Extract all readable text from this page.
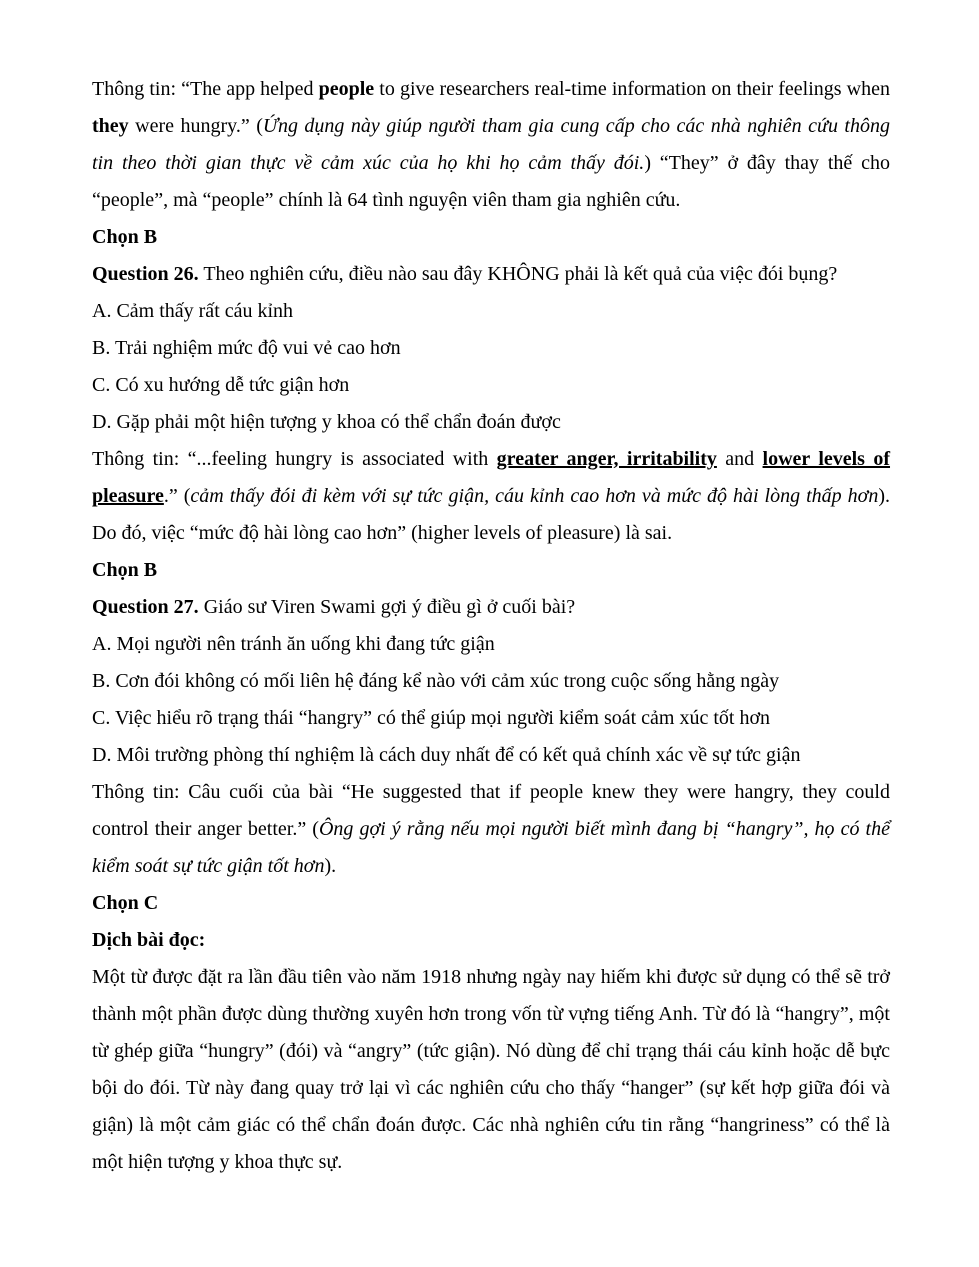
Thông tin: “The app helped people to give researchers real-time information on their feelings when they were hungry.” (Ứng dụng này giúp người tham gia cung cấp cho các nhà nghiên cứu thông tin theo thời gian thực về cảm xúc của họ khi họ cảm thấy đói.) “They” ở đây thay thế cho “people”, mà “people” chính là 64 tình nguyện viên tham gia nghiên cứu.

Chọn B

Question 26. Theo nghiên cứu, điều nào sau đây KHÔNG phải là kết quả của việc đói bụng?

A. Cảm thấy rất cáu kỉnh

B. Trải nghiệm mức độ vui vẻ cao hơn

C. Có xu hướng dễ tức giận hơn

D. Gặp phải một hiện tượng y khoa có thể chẩn đoán được

Thông tin: “...feeling hungry is associated with greater anger, irritability and lower levels of pleasure.” (cảm thấy đói đi kèm với sự tức giận, cáu kỉnh cao hơn và mức độ hài lòng thấp hơn). Do đó, việc “mức độ hài lòng cao hơn” (higher levels of pleasure) là sai.

Chọn B

Question 27. Giáo sư Viren Swami gợi ý điều gì ở cuối bài?

A. Mọi người nên tránh ăn uống khi đang tức giận

B. Cơn đói không có mối liên hệ đáng kể nào với cảm xúc trong cuộc sống hằng ngày

C. Việc hiểu rõ trạng thái “hangry” có thể giúp mọi người kiểm soát cảm xúc tốt hơn

D. Môi trường phòng thí nghiệm là cách duy nhất để có kết quả chính xác về sự tức giận

Thông tin: Câu cuối của bài “He suggested that if people knew they were hangry, they could control their anger better.” (Ông gợi ý rằng nếu mọi người biết mình đang bị “hangry”, họ có thể kiểm soát sự tức giận tốt hơn).

Chọn C

Dịch bài đọc:

Một từ được đặt ra lần đầu tiên vào năm 1918 nhưng ngày nay hiếm khi được sử dụng có thể sẽ trở thành một phần được dùng thường xuyên hơn trong vốn từ vựng tiếng Anh. Từ đó là “hangry”, một từ ghép giữa “hungry” (đói) và “angry” (tức giận). Nó dùng để chỉ trạng thái cáu kỉnh hoặc dễ bực bội do đói. Từ này đang quay trở lại vì các nghiên cứu cho thấy “hanger” (sự kết hợp giữa đói và giận) là một cảm giác có thể chẩn đoán được. Các nhà nghiên cứu tin rằng “hangriness” có thể là một hiện tượng y khoa thực sự.
